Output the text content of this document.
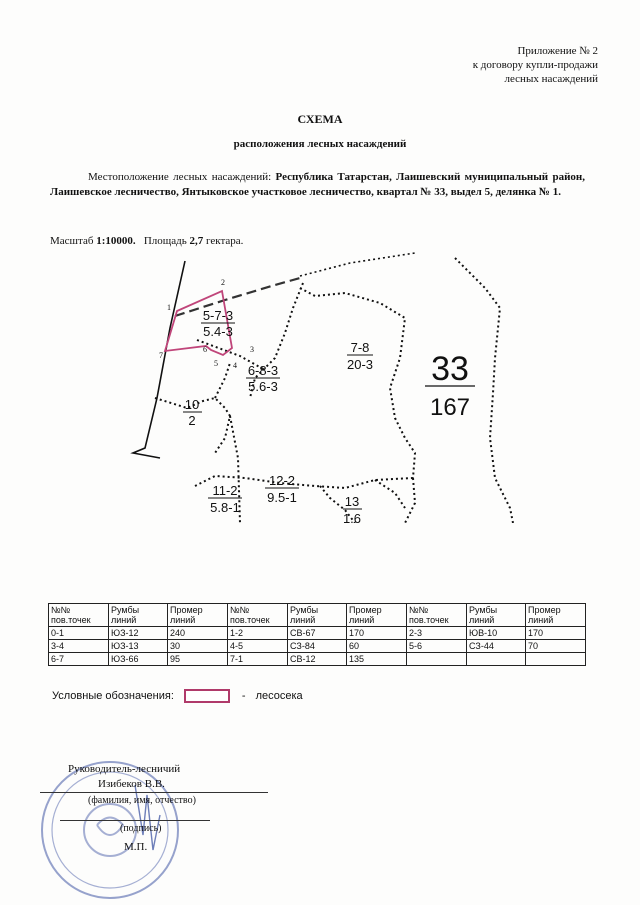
Приложение № 2
к договору купли-продажи
лесных насаждений
СХЕМА
расположения лесных насаждений
Местоположение лесных насаждений: Республика Татарстан, Лаишевский муниципальный район, Лаишевское лесничество, Янтыковское участковое лесничество, квартал № 33, выдел 5, делянка № 1.
Масштаб 1:10000. Площадь 2,7 гектара.
1
2
3
4
5
6
7
5-7-3
5.4-3
7-8
20-3
6-8-3
5.6-3
10
2
11-2
5.8-1
12-2
9.5-1	13
1.6
33
167
№№ пов.точек	Румбы линий	Промер линий	№№ пов.точек	Румбы линий	Промер линий	№№ пов.точек	Румбы линий	Промер линий
0-1	ЮЗ-12	240	1-2	СВ-67	170	2-3	ЮВ-10	170
3-4	ЮЗ-13	30	4-5	СЗ-84	60	5-6	СЗ-44	70
6-7	ЮЗ-66	95	7-1	СВ-12	135			
Условные обозначения:	- лесосека
Руководитель-лесничий
Изибеков В.В.
(фамилия, имя, отчество)
(подпись)
М.П.
